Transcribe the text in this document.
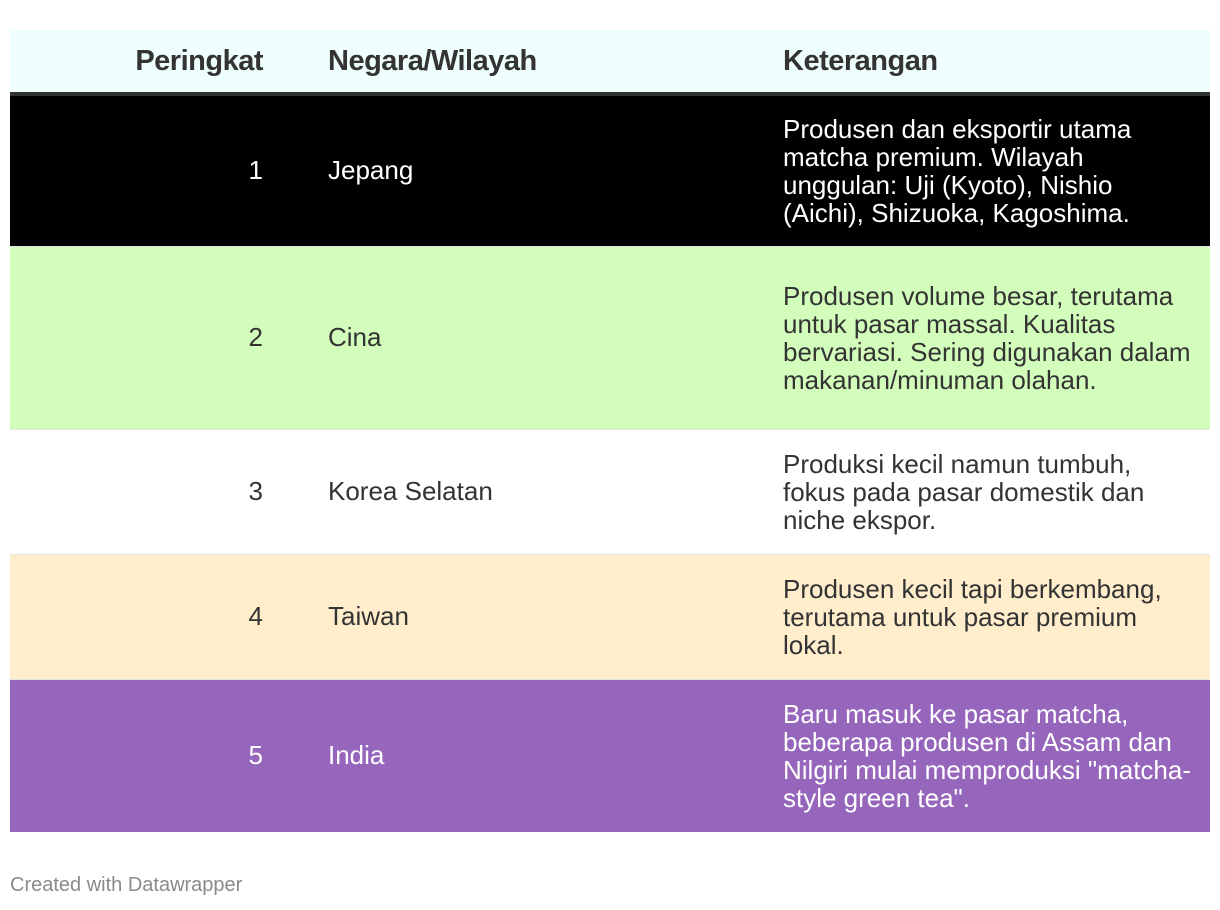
Peringkat	Negara/Wilayah	Keterangan
1	Jepang	Produsen dan eksportir utama matcha premium. Wilayah unggulan: Uji (Kyoto), Nishio (Aichi), Shizuoka, Kagoshima.
2	Cina	Produsen volume besar, terutama untuk pasar massal. Kualitas bervariasi. Sering digunakan dalam makanan/minuman olahan.
3	Korea Selatan	Produksi kecil namun tumbuh, fokus pada pasar domestik dan niche ekspor.
4	Taiwan	Produsen kecil tapi berkembang, terutama untuk pasar premium lokal.
5	India	Baru masuk ke pasar matcha, beberapa produsen di Assam dan Nilgiri mulai memproduksi "matcha-style green tea".
Created with Datawrapper
